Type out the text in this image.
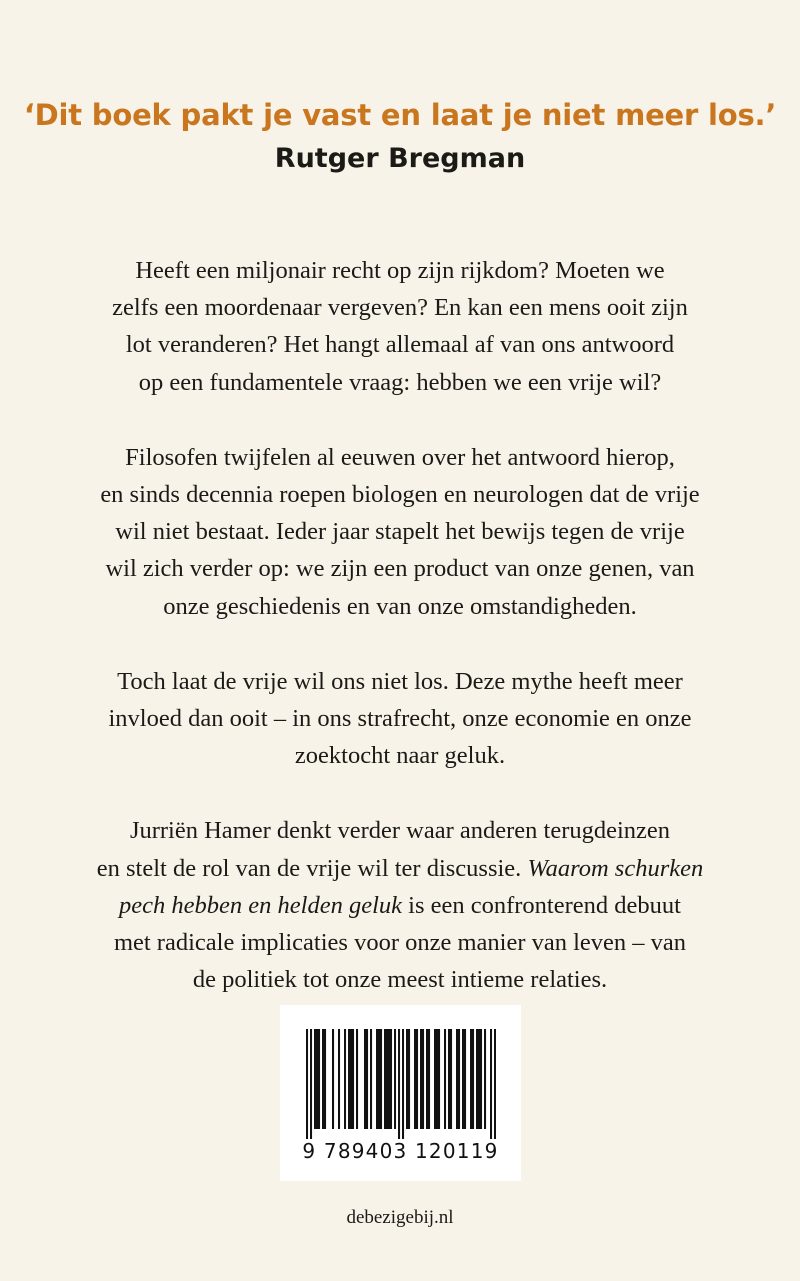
‘Dit boek pakt je vast en laat je niet meer los.’
Rutger Bregman

Heeft een miljonair recht op zijn rijkdom? Moeten we
zelfs een moordenaar vergeven? En kan een mens ooit zijn
lot veranderen? Het hangt allemaal af van ons antwoord
op een fundamentele vraag: hebben we een vrije wil?

Filosofen twijfelen al eeuwen over het antwoord hierop,
en sinds decennia roepen biologen en neurologen dat de vrije
wil niet bestaat. Ieder jaar stapelt het bewijs tegen de vrije
wil zich verder op: we zijn een product van onze genen, van
onze geschiedenis en van onze omstandigheden.

Toch laat de vrije wil ons niet los. Deze mythe heeft meer
invloed dan ooit – in ons strafrecht, onze economie en onze
zoektocht naar geluk.

Jurriën Hamer denkt verder waar anderen terugdeinzen
en stelt de rol van de vrije wil ter discussie. Waarom schurken
pech hebben en helden geluk is een confronterend debuut
met radicale implicaties voor onze manier van leven – van
de politiek tot onze meest intieme relaties.

9 789403 120119
debezigebij.nl
